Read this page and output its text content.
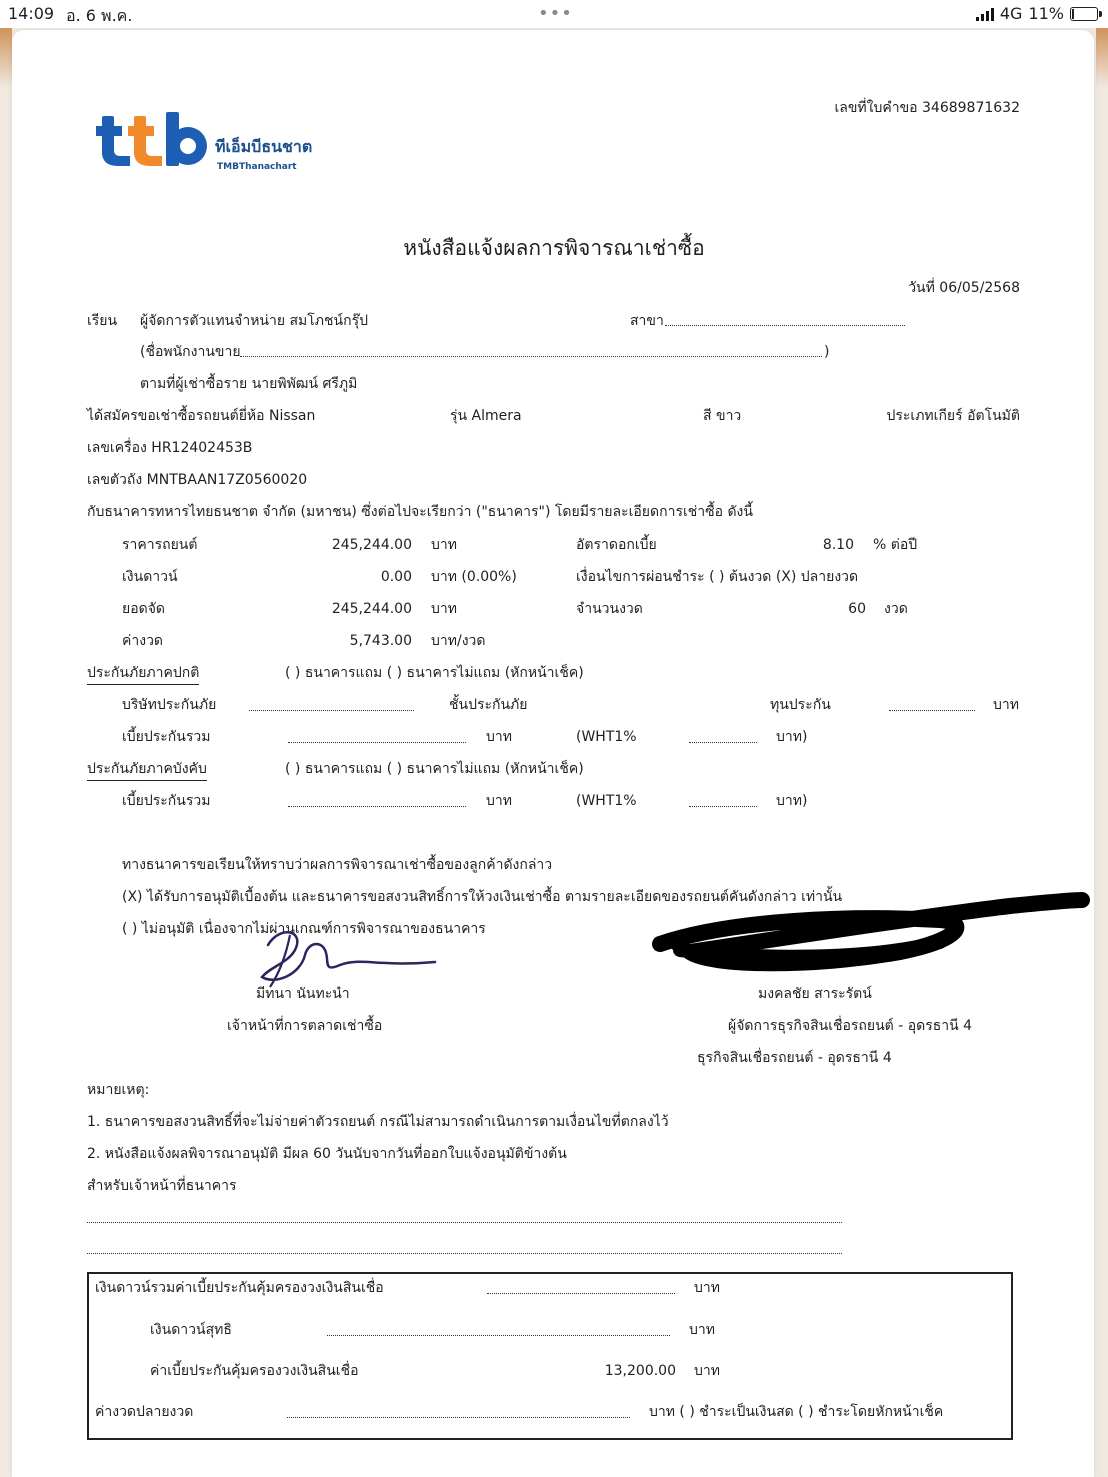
14:09 อ. 6 พ.ค.	•••	4G 11%
ทีเอ็มบีธนชาต
TMBThanachart
เลขที่ใบคำขอ 34689871632
หนังสือแจ้งผลการพิจารณาเช่าซื้อ
วันที่ 06/05/2568
เรียน ผู้จัดการตัวแทนจำหน่าย สมโภชน์กรุ๊ป	สาขา
(ชื่อพนักงานขาย	)
ตามที่ผู้เช่าซื้อราย นายพิพัฒน์ ศรีภูมิ
ได้สมัครขอเช่าซื้อรถยนต์ยี่ห้อ Nissan	รุ่น Almera	สี ขาว	ประเภทเกียร์ อัตโนมัติ
เลขเครื่อง HR12402453B
เลขตัวถัง MNTBAAN17Z0560020
กับธนาคารทหารไทยธนชาต จำกัด (มหาชน) ซึ่งต่อไปจะเรียกว่า ("ธนาคาร") โดยมีรายละเอียดการเช่าซื้อ ดังนี้
ราคารถยนต์	245,244.00 บาท	อัตราดอกเบี้ย	8.10 % ต่อปี
เงินดาวน์	0.00 บาท (0.00%)	เงื่อนไขการผ่อนชำระ ( ) ต้นงวด (X) ปลายงวด
ยอดจัด	245,244.00 บาท	จำนวนงวด	60 งวด
ค่างวด	5,743.00 บาท/งวด
ประกันภัยภาคปกติ	( ) ธนาคารแถม ( ) ธนาคารไม่แถม (หักหน้าเช็ค)
บริษัทประกันภัย	ชั้นประกันภัย	ทุนประกัน	บาท
เบี้ยประกันรวม	บาท	(WHT1%	บาท)
ประกันภัยภาคบังคับ	( ) ธนาคารแถม ( ) ธนาคารไม่แถม (หักหน้าเช็ค)
เบี้ยประกันรวม	บาท	(WHT1%	บาท)
ทางธนาคารขอเรียนให้ทราบว่าผลการพิจารณาเช่าซื้อของลูกค้าดังกล่าว
(X) ได้รับการอนุมัติเบื้องต้น และธนาคารขอสงวนสิทธิ์การให้วงเงินเช่าซื้อ ตามรายละเอียดของรถยนต์คันดังกล่าว เท่านั้น
( ) ไม่อนุมัติ เนื่องจากไม่ผ่านเกณฑ์การพิจารณาของธนาคาร
มีทนา นันทะนำ
เจ้าหน้าที่การตลาดเช่าซื้อ
มงคลชัย สาระรัตน์
ผู้จัดการธุรกิจสินเชื่อรถยนต์ - อุดรธานี 4
ธุรกิจสินเชื่อรถยนต์ - อุดรธานี 4
หมายเหตุ:
1. ธนาคารขอสงวนสิทธิ์ที่จะไม่จ่ายค่าตัวรถยนต์ กรณีไม่สามารถดำเนินการตามเงื่อนไขที่ตกลงไว้
2. หนังสือแจ้งผลพิจารณาอนุมัติ มีผล 60 วันนับจากวันที่ออกใบแจ้งอนุมัติข้างต้น
สำหรับเจ้าหน้าที่ธนาคาร
เงินดาวน์รวมค่าเบี้ยประกันคุ้มครองวงเงินสินเชื่อ	บาท
เงินดาวน์สุทธิ	บาท
ค่าเบี้ยประกันคุ้มครองวงเงินสินเชื่อ	13,200.00 บาท
ค่างวดปลายงวด	บาท ( ) ชำระเป็นเงินสด ( ) ชำระโดยหักหน้าเช็ค
